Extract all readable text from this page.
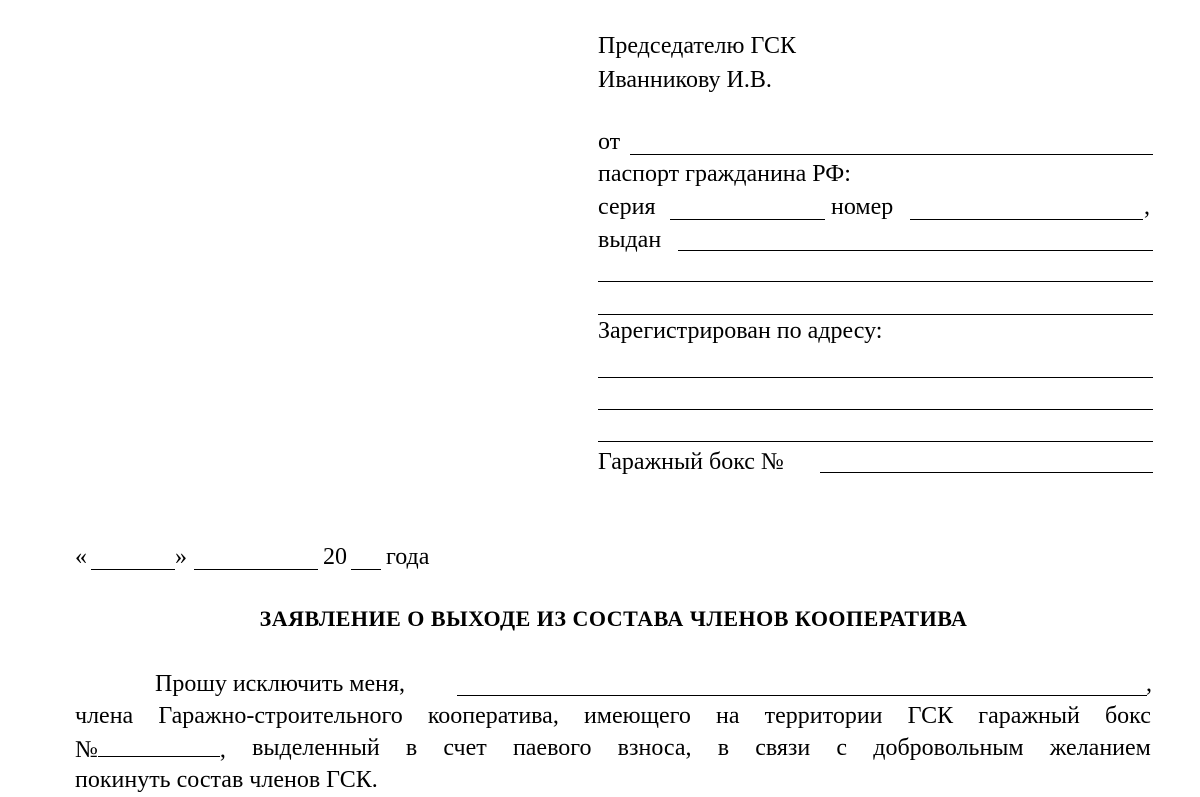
Председателю ГСК
Иванникову И.В.
от
паспорт гражданина РФ:
серия	номер	,
выдан
Зарегистрирован по адресу:
Гаражный бокс №
«	»	20 года
ЗАЯВЛЕНИЕ О ВЫХОДЕ ИЗ СОСТАВА ЧЛЕНОВ КООПЕРАТИВА
Прошу исключить меня,	,
члена Гаражно-строительного кооператива, имеющего на территории ГСК гаражный бокс
№	, выделенный в счет паевого взноса, в связи с добровольным желанием
покинуть состав членов ГСК.
